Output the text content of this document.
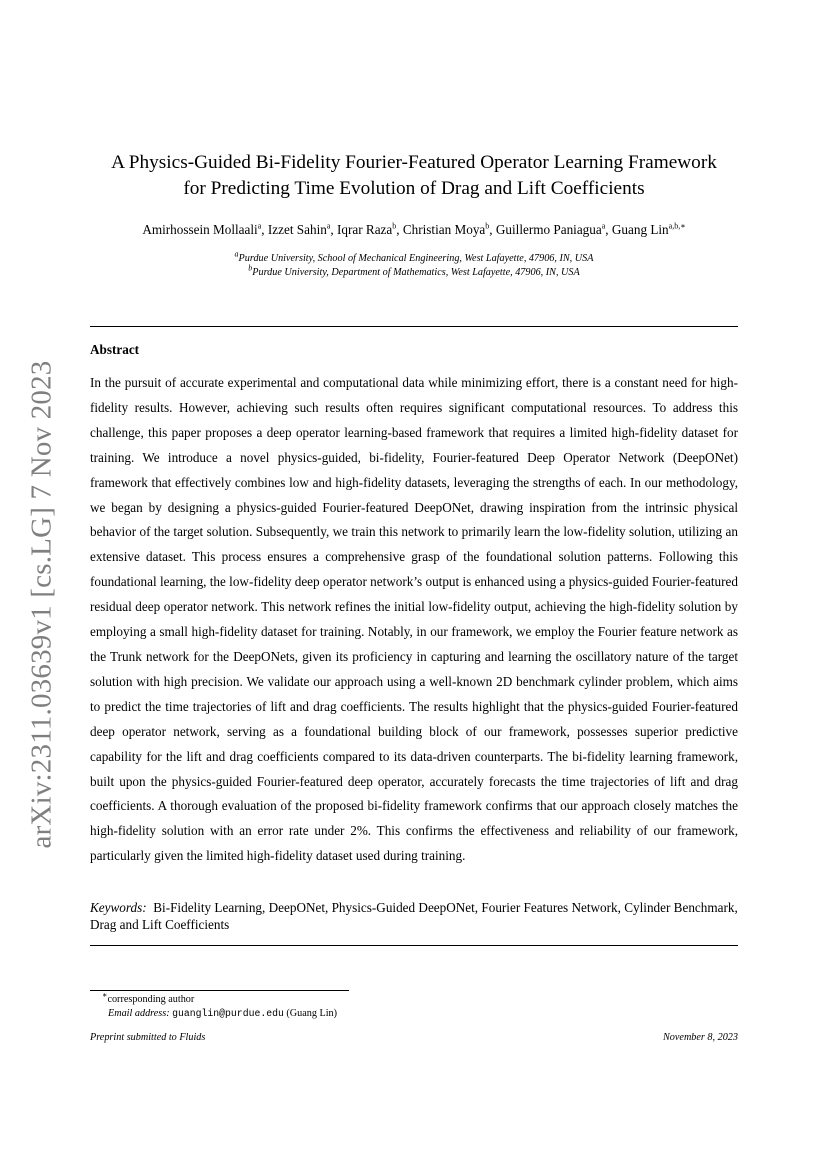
arXiv:2311.03639v1 [cs.LG] 7 Nov 2023
A Physics-Guided Bi-Fidelity Fourier-Featured Operator Learning Framework
for Predicting Time Evolution of Drag and Lift Coefficients
Amirhossein Mollaali$^a$, Izzet Sahin$^a$, Iqrar Raza$^b$, Christian Moya$^b$, Guillermo Paniagua$^a$, Guang Lin$^{a,b,∗}$
$^a$Purdue University, School of Mechanical Engineering, West Lafayette, 47906, IN, USA
$^b$Purdue University, Department of Mathematics, West Lafayette, 47906, IN, USA
Abstract

In the pursuit of accurate experimental and computational data while minimizing effort, there is a constant need for high-fidelity results. However, achieving such results often requires significant computational resources. To address this challenge, this paper proposes a deep operator learning-based framework that requires a limited high-fidelity dataset for training. We introduce a novel physics-guided, bi-fidelity, Fourier-featured Deep Operator Network (DeepONet) framework that effectively combines low and high-fidelity datasets, leveraging the strengths of each. In our methodology, we began by designing a physics-guided Fourier-featured DeepONet, drawing inspiration from the intrinsic physical behavior of the target solution. Subsequently, we train this network to primarily learn the low-fidelity solution, utilizing an extensive dataset. This process ensures a comprehensive grasp of the foundational solution patterns. Following this foundational learning, the low-fidelity deep operator network’s output is enhanced using a physics-guided Fourier-featured residual deep operator network. This network refines the initial low-fidelity output, achieving the high-fidelity solution by employing a small high-fidelity dataset for training. Notably, in our framework, we employ the Fourier feature network as the Trunk network for the DeepONets, given its proficiency in capturing and learning the oscillatory nature of the target solution with high precision. We validate our approach using a well-known 2D benchmark cylinder problem, which aims to predict the time trajectories of lift and drag coefficients. The results highlight that the physics-guided Fourier-featured deep operator network, serving as a foundational building block of our framework, possesses superior predictive capability for the lift and drag coefficients compared to its data-driven counterparts. The bi-fidelity learning framework, built upon the physics-guided Fourier-featured deep operator, accurately forecasts the time trajectories of lift and drag coefficients. A thorough evaluation of the proposed bi-fidelity framework confirms that our approach closely matches the high-fidelity solution with an error rate under 2%. This confirms the effectiveness and reliability of our framework, particularly given the limited high-fidelity dataset used during training.

Keywords: Bi-Fidelity Learning, DeepONet, Physics-Guided DeepONet, Fourier Features Network, Cylinder Benchmark, Drag and Lift Coefficients

∗corresponding author
Email address: guanglin@purdue.edu (Guang Lin)
Preprint submitted to Fluids	November 8, 2023
